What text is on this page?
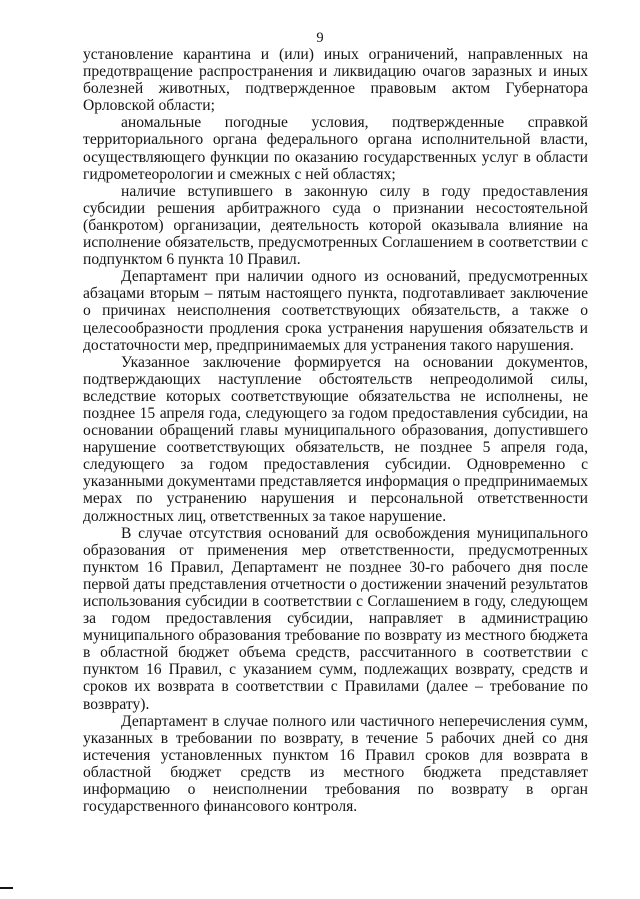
9

установление карантина и (или) иных ограничений, направленных на предотвращение распространения и ликвидацию очагов заразных и иных болезней животных, подтвержденное правовым актом Губернатора Орловской области;

аномальные погодные условия, подтвержденные справкой территориального органа федерального органа исполнительной власти, осуществляющего функции по оказанию государственных услуг в области гидрометеорологии и смежных с ней областях;

наличие вступившего в законную силу в году предоставления субсидии решения арбитражного суда о признании несостоятельной (банкротом) организации, деятельность которой оказывала влияние на исполнение обязательств, предусмотренных Соглашением в соответствии с подпунктом 6 пункта 10 Правил.

Департамент при наличии одного из оснований, предусмотренных абзацами вторым – пятым настоящего пункта, подготавливает заключение о причинах неисполнения соответствующих обязательств, а также о целесообразности продления срока устранения нарушения обязательств и достаточности мер, предпринимаемых для устранения такого нарушения.

Указанное заключение формируется на основании документов, подтверждающих наступление обстоятельств непреодолимой силы, вследствие которых соответствующие обязательства не исполнены, не позднее 15 апреля года, следующего за годом предоставления субсидии, на основании обращений главы муниципального образования, допустившего нарушение соответствующих обязательств, не позднее 5 апреля года, следующего за годом предоставления субсидии. Одновременно с указанными документами представляется информация о предпринимаемых мерах по устранению нарушения и персональной ответственности должностных лиц, ответственных за такое нарушение.

В случае отсутствия оснований для освобождения муниципального образования от применения мер ответственности, предусмотренных пунктом 16 Правил, Департамент не позднее 30-го рабочего дня после первой даты представления отчетности о достижении значений результатов использования субсидии в соответствии с Соглашением в году, следующем за годом предоставления субсидии, направляет в администрацию муниципального образования требование по возврату из местного бюджета в областной бюджет объема средств, рассчитанного в соответствии с пунктом 16 Правил, с указанием сумм, подлежащих возврату, средств и сроков их возврата в соответствии с Правилами (далее – требование по возврату).

Департамент в случае полного или частичного неперечисления сумм, указанных в требовании по возврату, в течение 5 рабочих дней со дня истечения установленных пунктом 16 Правил сроков для возврата в областной бюджет средств из местного бюджета представляет информацию о неисполнении требования по возврату в орган государственного финансового контроля.
